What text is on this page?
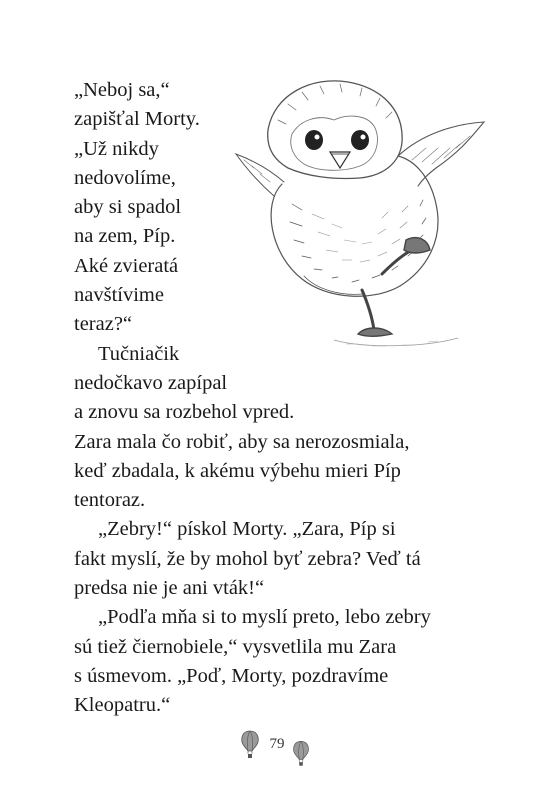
„Neboj sa,“
zapišťal Morty.
„Už nikdy
nedovolíme,
aby si spadol
na zem, Píp.
Aké zvieratá
navštívime
teraz?“
Tučniačik
nedočkavo zapípal
a znovu sa rozbehol vpred.
Zara mala čo robiť, aby sa nerozosmiala,
keď zbadala, k akému výbehu mieri Píp
tentoraz.
„Zebry!“ pískol Morty. „Zara, Píp si
fakt myslí, že by mohol byť zebra? Veď tá
predsa nie je ani vták!“
„Podľa mňa si to myslí preto, lebo zebry
sú tiež čiernobiele,“ vysvetlila mu Zara
s úsmevom. „Poď, Morty, pozdravíme
Kleopatru.“
79
